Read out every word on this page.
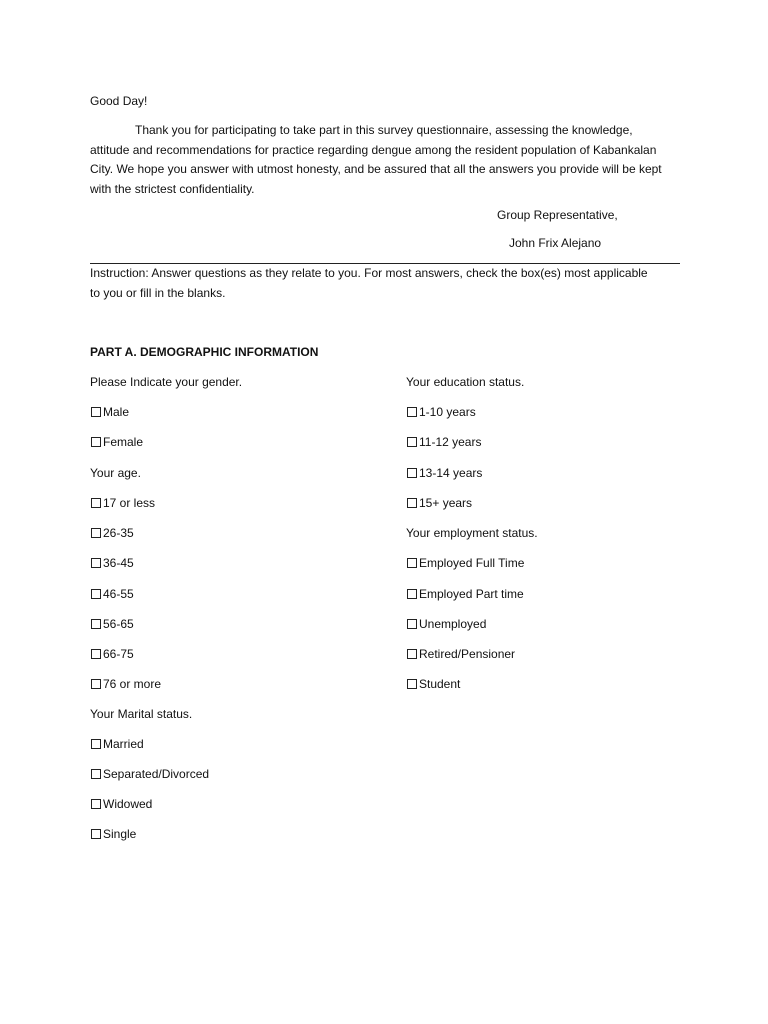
Good Day!
Thank you for participating to take part in this survey questionnaire, assessing the knowledge, attitude and recommendations for practice regarding dengue among the resident population of Kabankalan City. We hope you answer with utmost honesty, and be assured that all the answers you provide will be kept with the strictest confidentiality.
Group Representative,
John Frix Alejano
Instruction: Answer questions as they relate to you. For most answers, check the box(es) most applicable to you or fill in the blanks.
PART A. DEMOGRAPHIC INFORMATION
Please Indicate your gender.
Male
Female
Your age.
17 or less
26-35
36-45
46-55
56-65
66-75
76 or more
Your Marital status.
Married
Separated/Divorced
Widowed
Single
Your education status.
1-10 years
11-12 years
13-14 years
15+ years
Your employment status.
Employed Full Time
Employed Part time
Unemployed
Retired/Pensioner
Student
